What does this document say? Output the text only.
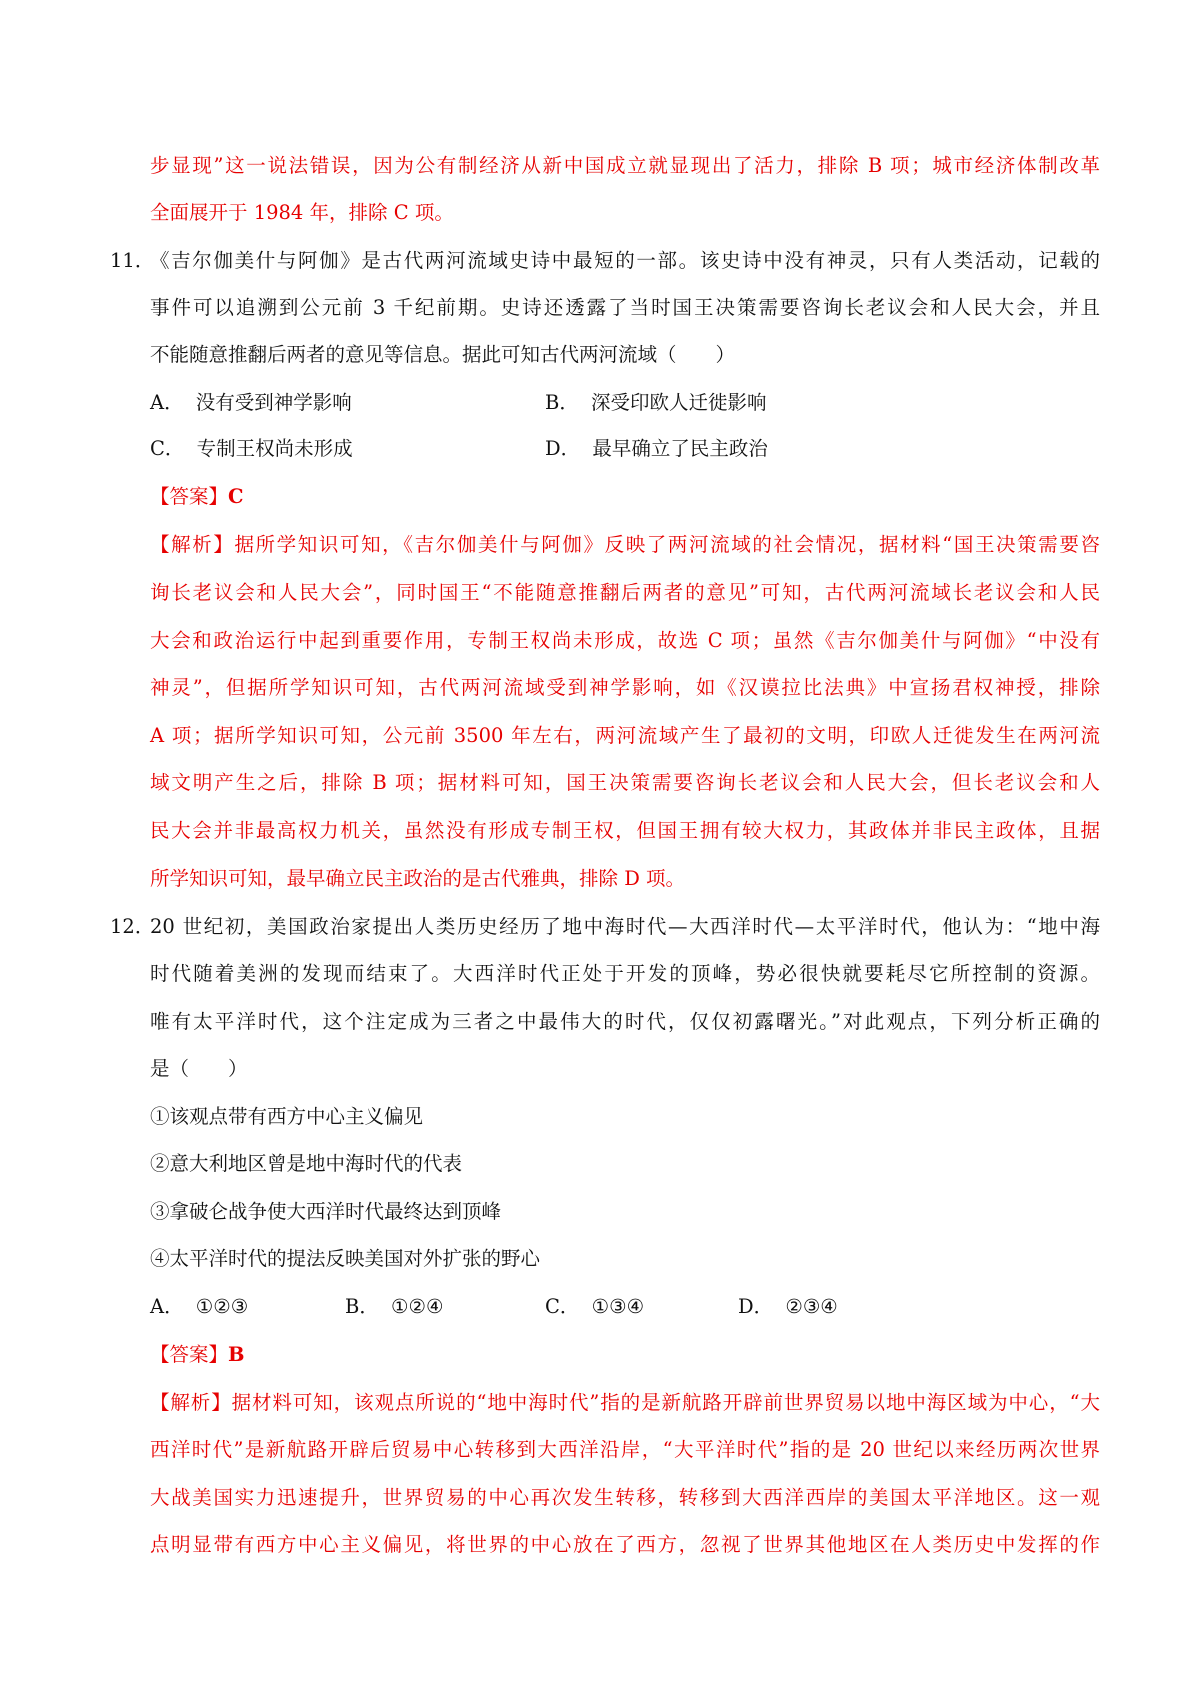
步显现”这一说法错误，因为公有制经济从新中国成立就显现出了活力，排除 B 项；城市经济体制改革
全面展开于 1984 年，排除 C 项。
11．
《吉尔伽美什与阿伽》是古代两河流域史诗中最短的一部。该史诗中没有神灵，只有人类活动，记载的
事件可以追溯到公元前 3 千纪前期。史诗还透露了当时国王决策需要咨询长老议会和人民大会，并且
不能随意推翻后两者的意见等信息。据此可知古代两河流域（　　）
A． 没有受到神学影响	B． 深受印欧人迁徙影响
C． 专制王权尚未形成	D． 最早确立了民主政治
【答案】C
【解析】据所学知识可知，《吉尔伽美什与阿伽》反映了两河流域的社会情况，据材料“国王决策需要咨
询长老议会和人民大会”，同时国王“不能随意推翻后两者的意见”可知，古代两河流域长老议会和人民
大会和政治运行中起到重要作用，专制王权尚未形成，故选 C 项；虽然《吉尔伽美什与阿伽》“中没有
神灵”，但据所学知识可知，古代两河流域受到神学影响，如《汉谟拉比法典》中宣扬君权神授，排除
A 项；据所学知识可知，公元前 3500 年左右，两河流域产生了最初的文明，印欧人迁徙发生在两河流
域文明产生之后，排除 B 项；据材料可知，国王决策需要咨询长老议会和人民大会，但长老议会和人
民大会并非最高权力机关，虽然没有形成专制王权，但国王拥有较大权力，其政体并非民主政体，且据
所学知识可知，最早确立民主政治的是古代雅典，排除 D 项。
12．
20 世纪初，美国政治家提出人类历史经历了地中海时代—大西洋时代—太平洋时代，他认为：“地中海
时代随着美洲的发现而结束了。大西洋时代正处于开发的顶峰，势必很快就要耗尽它所控制的资源。
唯有太平洋时代，这个注定成为三者之中最伟大的时代，仅仅初露曙光。”对此观点，下列分析正确的
是（　　）
①该观点带有西方中心主义偏见
②意大利地区曾是地中海时代的代表
③拿破仑战争使大西洋时代最终达到顶峰
④太平洋时代的提法反映美国对外扩张的野心
A． ①②③	B． ①②④	C． ①③④	D． ②③④
【答案】B
【解析】据材料可知，该观点所说的“地中海时代”指的是新航路开辟前世界贸易以地中海区域为中心，“大
西洋时代”是新航路开辟后贸易中心转移到大西洋沿岸，“大平洋时代”指的是 20 世纪以来经历两次世界
大战美国实力迅速提升，世界贸易的中心再次发生转移，转移到大西洋西岸的美国太平洋地区。这一观
点明显带有西方中心主义偏见，将世界的中心放在了西方，忽视了世界其他地区在人类历史中发挥的作
